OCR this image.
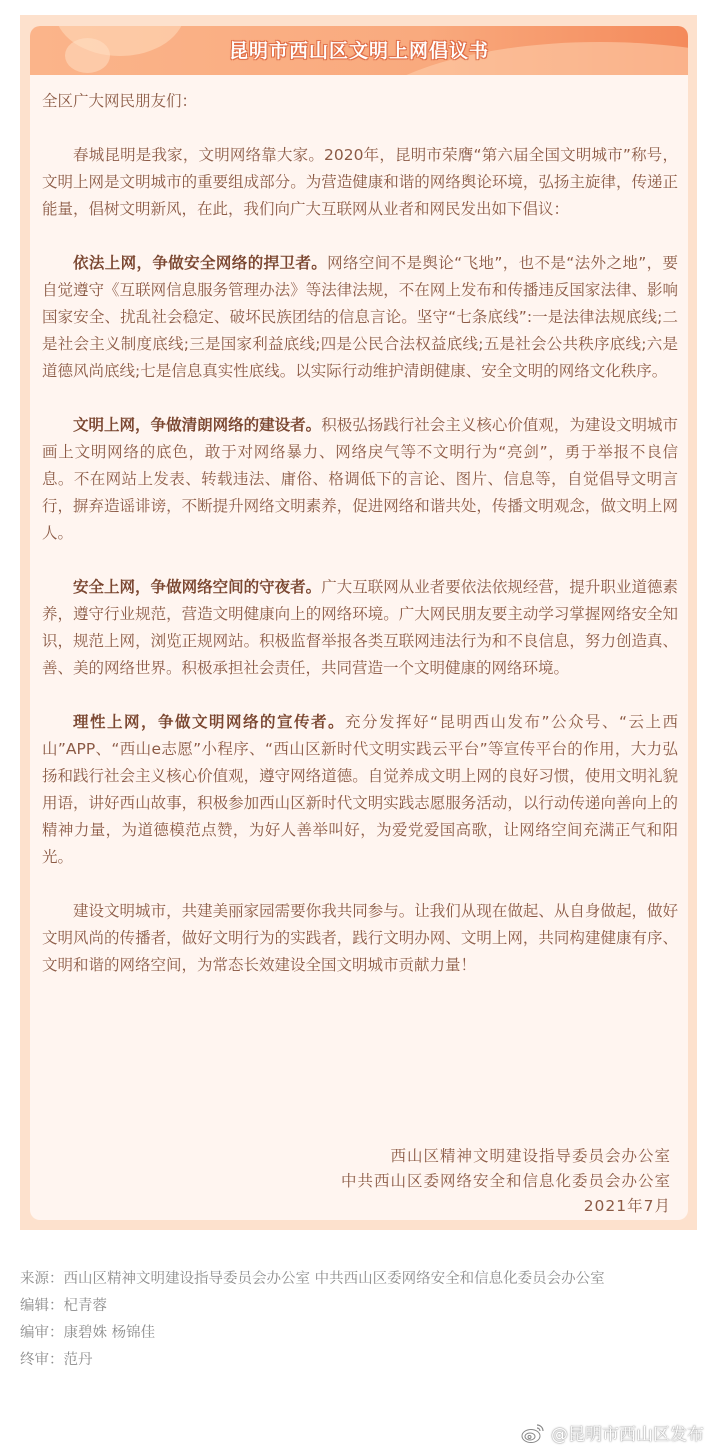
昆明市西山区文明上网倡议书

全区广大网民朋友们：

春城昆明是我家，文明网络靠大家。2020年，昆明市荣膺“第六届全国文明城市”称号，文明上网是文明城市的重要组成部分。为营造健康和谐的网络舆论环境，弘扬主旋律，传递正能量，倡树文明新风，在此，我们向广大互联网从业者和网民发出如下倡议：

依法上网，争做安全网络的捍卫者。网络空间不是舆论“飞地”，也不是“法外之地”，要自觉遵守《互联网信息服务管理办法》等法律法规，不在网上发布和传播违反国家法律、影响国家安全、扰乱社会稳定、破坏民族团结的信息言论。坚守“七条底线”:一是法律法规底线;二是社会主义制度底线;三是国家利益底线;四是公民合法权益底线;五是社会公共秩序底线;六是道德风尚底线;七是信息真实性底线。以实际行动维护清朗健康、安全文明的网络文化秩序。

文明上网，争做清朗网络的建设者。积极弘扬践行社会主义核心价值观，为建设文明城市画上文明网络的底色，敢于对网络暴力、网络戾气等不文明行为“亮剑”，勇于举报不良信息。不在网站上发表、转载违法、庸俗、格调低下的言论、图片、信息等，自觉倡导文明言行，摒弃造谣诽谤，不断提升网络文明素养，促进网络和谐共处，传播文明观念，做文明上网人。

安全上网，争做网络空间的守夜者。广大互联网从业者要依法依规经营，提升职业道德素养，遵守行业规范，营造文明健康向上的网络环境。广大网民朋友要主动学习掌握网络安全知识，规范上网，浏览正规网站。积极监督举报各类互联网违法行为和不良信息，努力创造真、善、美的网络世界。积极承担社会责任，共同营造一个文明健康的网络环境。

理性上网，争做文明网络的宣传者。充分发挥好“昆明西山发布”公众号、“云上西山”APP、“西山e志愿”小程序、“西山区新时代文明实践云平台”等宣传平台的作用，大力弘扬和践行社会主义核心价值观，遵守网络道德。自觉养成文明上网的良好习惯，使用文明礼貌用语，讲好西山故事，积极参加西山区新时代文明实践志愿服务活动，以行动传递向善向上的精神力量，为道德模范点赞，为好人善举叫好，为爱党爱国高歌，让网络空间充满正气和阳光。

建设文明城市，共建美丽家园需要你我共同参与。让我们从现在做起、从自身做起，做好文明风尚的传播者，做好文明行为的实践者，践行文明办网、文明上网，共同构建健康有序、文明和谐的网络空间，为常态长效建设全国文明城市贡献力量！

西山区精神文明建设指导委员会办公室
中共西山区委网络安全和信息化委员会办公室
2021年7月
来源：西山区精神文明建设指导委员会办公室 中共西山区委网络安全和信息化委员会办公室
编辑：杞青蓉
编审：康碧姝 杨锦佳
终审：范丹
@昆明市西山区发布
